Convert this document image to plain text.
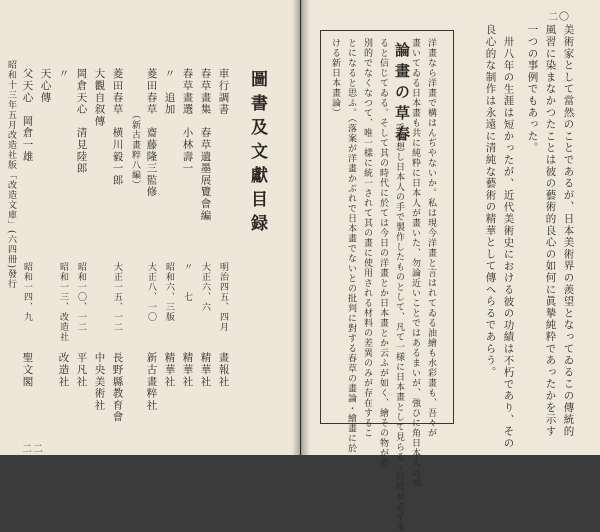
圖書及文獻目録
車行調書
春草畫集　春草遺墨展覽會編
春草畫選　小林壽一
〃　追加
菱田春草　齋藤隆三監修
（新古畫粹八編）
菱田春草　横川毅一郎
大觀自叙傳
岡倉天心　清見陸郎
〃
天心傳
父天心　岡倉一雄
昭和十三年五月改造社版「改造文庫」(六四冊)發行
明治四五、四月
大正六、六
〃　　七
昭和六、三版
大正八、一〇
大正一五、一二
昭和一〇、一二
昭和一三、改造社
昭和一四、九
畫報社
精華社
精華社
精華社
新古畫粹社
長野縣教育會
中央美術社
平凡社
改造社
聖文閣
二二
二〇
美術家として當然のことであるが、日本美術界の羨望となってゐるこの傳統的
風習に染まなかつたことは彼の藝術的良心の如何に眞摯純粋であったかを示す
一つの事例でもあった。
卅八年の生涯は短かったが、近代美術史における彼の功績は不朽であり、その
良心的な制作は永遠に清純な藝術の精華として傳へらるであらう。
論畫の草春 洋畫なら洋畫で構はんぢやないか。私は現今洋畫と言はれてゐる油繪も水彩畫も、吾々が
畫いてゐる日本畫も共に純粋に日本人が畫いた、勿論近いことではあるまいが、強ひに角日本人の頭
で構想し日本人の手で製作したものとして、凡て一様に日本畫として見らるゝ時代が必ず來
ると信じてゐる。そして其の時代に於ては今日の洋畫とか日本畫とか云ふが如く、繪その物が差
別的でなくなつて、唯一樣に統一されて其の畫に使用される材料の差異のみが存在するこ
とになると思ふ。（落案が洋畫かぶれで日本畫でないとの批判に對する春草の畫論・繪畫に於
ける新日本畫論）
